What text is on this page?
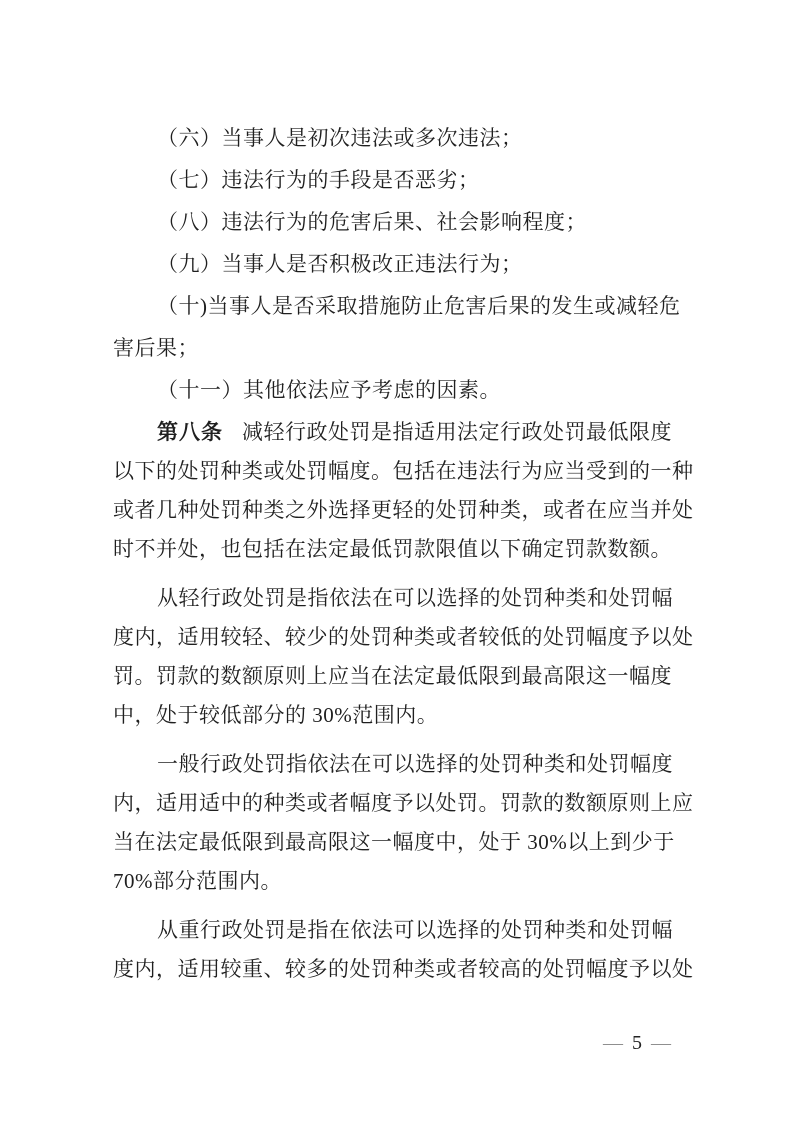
（六）当事人是初次违法或多次违法；
（七）违法行为的手段是否恶劣；
（八）违法行为的危害后果、社会影响程度；
（九）当事人是否积极改正违法行为；
（十)当事人是否采取措施防止危害后果的发生或减轻危
害后果；
（十一）其他依法应予考虑的因素。
第八条 减轻行政处罚是指适用法定行政处罚最低限度
以下的处罚种类或处罚幅度。包括在违法行为应当受到的一种
或者几种处罚种类之外选择更轻的处罚种类，或者在应当并处
时不并处，也包括在法定最低罚款限值以下确定罚款数额。
从轻行政处罚是指依法在可以选择的处罚种类和处罚幅
度内，适用较轻、较少的处罚种类或者较低的处罚幅度予以处
罚。罚款的数额原则上应当在法定最低限到最高限这一幅度
中，处于较低部分的 30%范围内。
一般行政处罚指依法在可以选择的处罚种类和处罚幅度
内，适用适中的种类或者幅度予以处罚。罚款的数额原则上应
当在法定最低限到最高限这一幅度中，处于 30%以上到少于
70%部分范围内。
从重行政处罚是指在依法可以选择的处罚种类和处罚幅
度内，适用较重、较多的处罚种类或者较高的处罚幅度予以处
— 5 —
